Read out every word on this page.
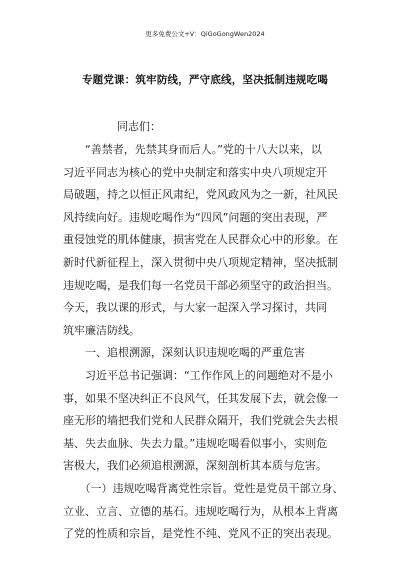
更多免费公文+V：QiGoGongWen2024
专题党课：筑牢防线，严守底线，坚决抵制违规吃喝
同志们：
　　“善禁者，先禁其身而后人。”党的十八大以来，以
习近平同志为核心的党中央制定和落实中央八项规定开
局破题，持之以恒正风肃纪，党风政风为之一新，社风民
风持续向好。违规吃喝作为“四风”问题的突出表现，严
重侵蚀党的肌体健康，损害党在人民群众心中的形象。在
新时代新征程上，深入贯彻中央八项规定精神，坚决抵制
违规吃喝，是我们每一名党员干部必须坚守的政治担当。
今天，我以课的形式，与大家一起深入学习探讨，共同
筑牢廉洁防线。
　　一、追根溯源，深刻认识违规吃喝的严重危害
　　习近平总书记强调：“工作作风上的问题绝对不是小
事，如果不坚决纠正不良风气，任其发展下去，就会像一
座无形的墙把我们党和人民群众隔开，我们党就会失去根
基、失去血脉、失去力量。”违规吃喝看似事小，实则危
害极大，我们必须追根溯源，深刻剖析其本质与危害。
　　（一）违规吃喝背离党性宗旨。党性是党员干部立身、
立业、立言、立德的基石。违规吃喝行为，从根本上背离
了党的性质和宗旨，是党性不纯、党风不正的突出表现。
